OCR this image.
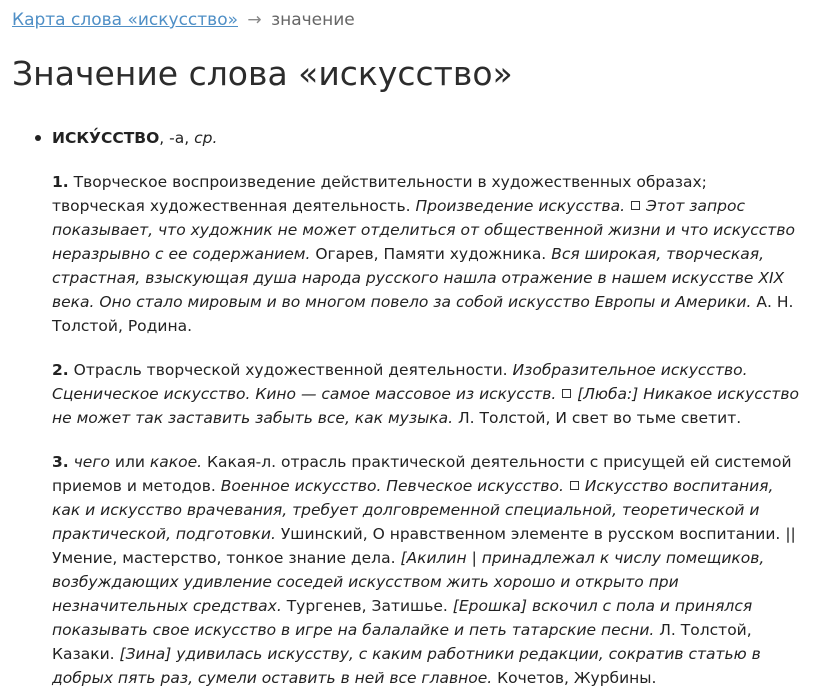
Карта слова «искусство» → значение
Значение слова «искусство»
ИСКУ́ССТВО, -а, ср.
1. Творческое воспроизведение действительности в художественных образах; творческая художественная деятельность. Произведение искусства. Этот запрос показывает, что художник не может отделиться от общественной жизни и что искусство неразрывно с ее содержанием. Огарев, Памяти художника. Вся широкая, творческая, страстная, взыскующая душа народа русского нашла отражение в нашем искусстве XIX века. Оно стало мировым и во многом повело за собой искусство Европы и Америки. А. Н. Толстой, Родина.
2. Отрасль творческой художественной деятельности. Изобразительное искусство. Сценическое искусство. Кино — самое массовое из искусств. [Люба:] Никакое искусство не может так заставить забыть все, как музыка. Л. Толстой, И свет во тьме светит.
3. чего или какое. Какая-л. отрасль практической деятельности с присущей ей системой приемов и методов. Военное искусство. Певческое искусство. Искусство воспитания, как и искусство врачевания, требует долговременной специальной, теоретической и практической, подготовки. Ушинский, О нравственном элементе в русском воспитании. || Умение, мастерство, тонкое знание дела. [Акилин | принадлежал к числу помещиков, возбуждающих удивление соседей искусством жить хорошо и открыто при незначительных средствах. Тургенев, Затишье. [Ерошка] вскочил с пола и принялся показывать свое искусство в игре на балалайке и петь татарские песни. Л. Толстой, Казаки. [Зина] удивилась искусству, с каким работники редакции, сократив статью в добрых пять раз, сумели оставить в ней все главное. Кочетов, Журбины.
